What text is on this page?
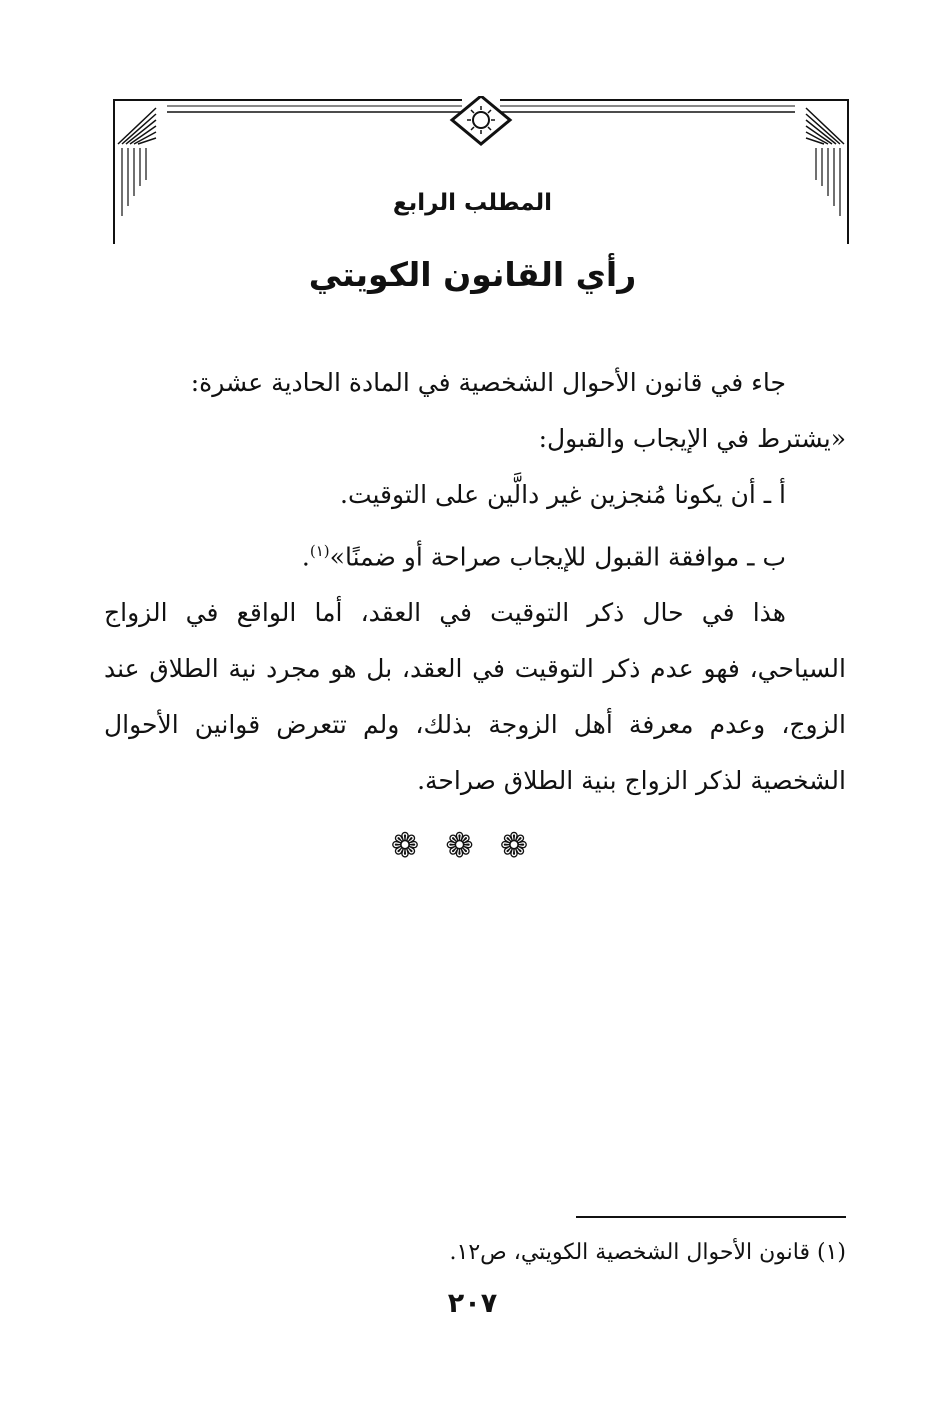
المطلب الرابع
رأي القانون الكويتي

جاء في قانون الأحوال الشخصية في المادة الحادية عشرة:

«يشترط في الإيجاب والقبول:

أ ـ أن يكونا مُنجزين غير دالَّين على التوقيت.

ب ـ موافقة القبول للإيجاب صراحة أو ضمنًا»$^{(١)}$.

هذا في حال ذكر التوقيت في العقد، أما الواقع في الزواج السياحي، فهو عدم ذكر التوقيت في العقد، بل هو مجرد نية الطلاق عند الزوج، وعدم معرفة أهل الزوجة بذلك، ولم تتعرض قوانين الأحوال الشخصية لذكر الزواج بنية الطلاق صراحة.

❁❁❁
(١) قانون الأحوال الشخصية الكويتي، ص١٢.
٢٠٧
